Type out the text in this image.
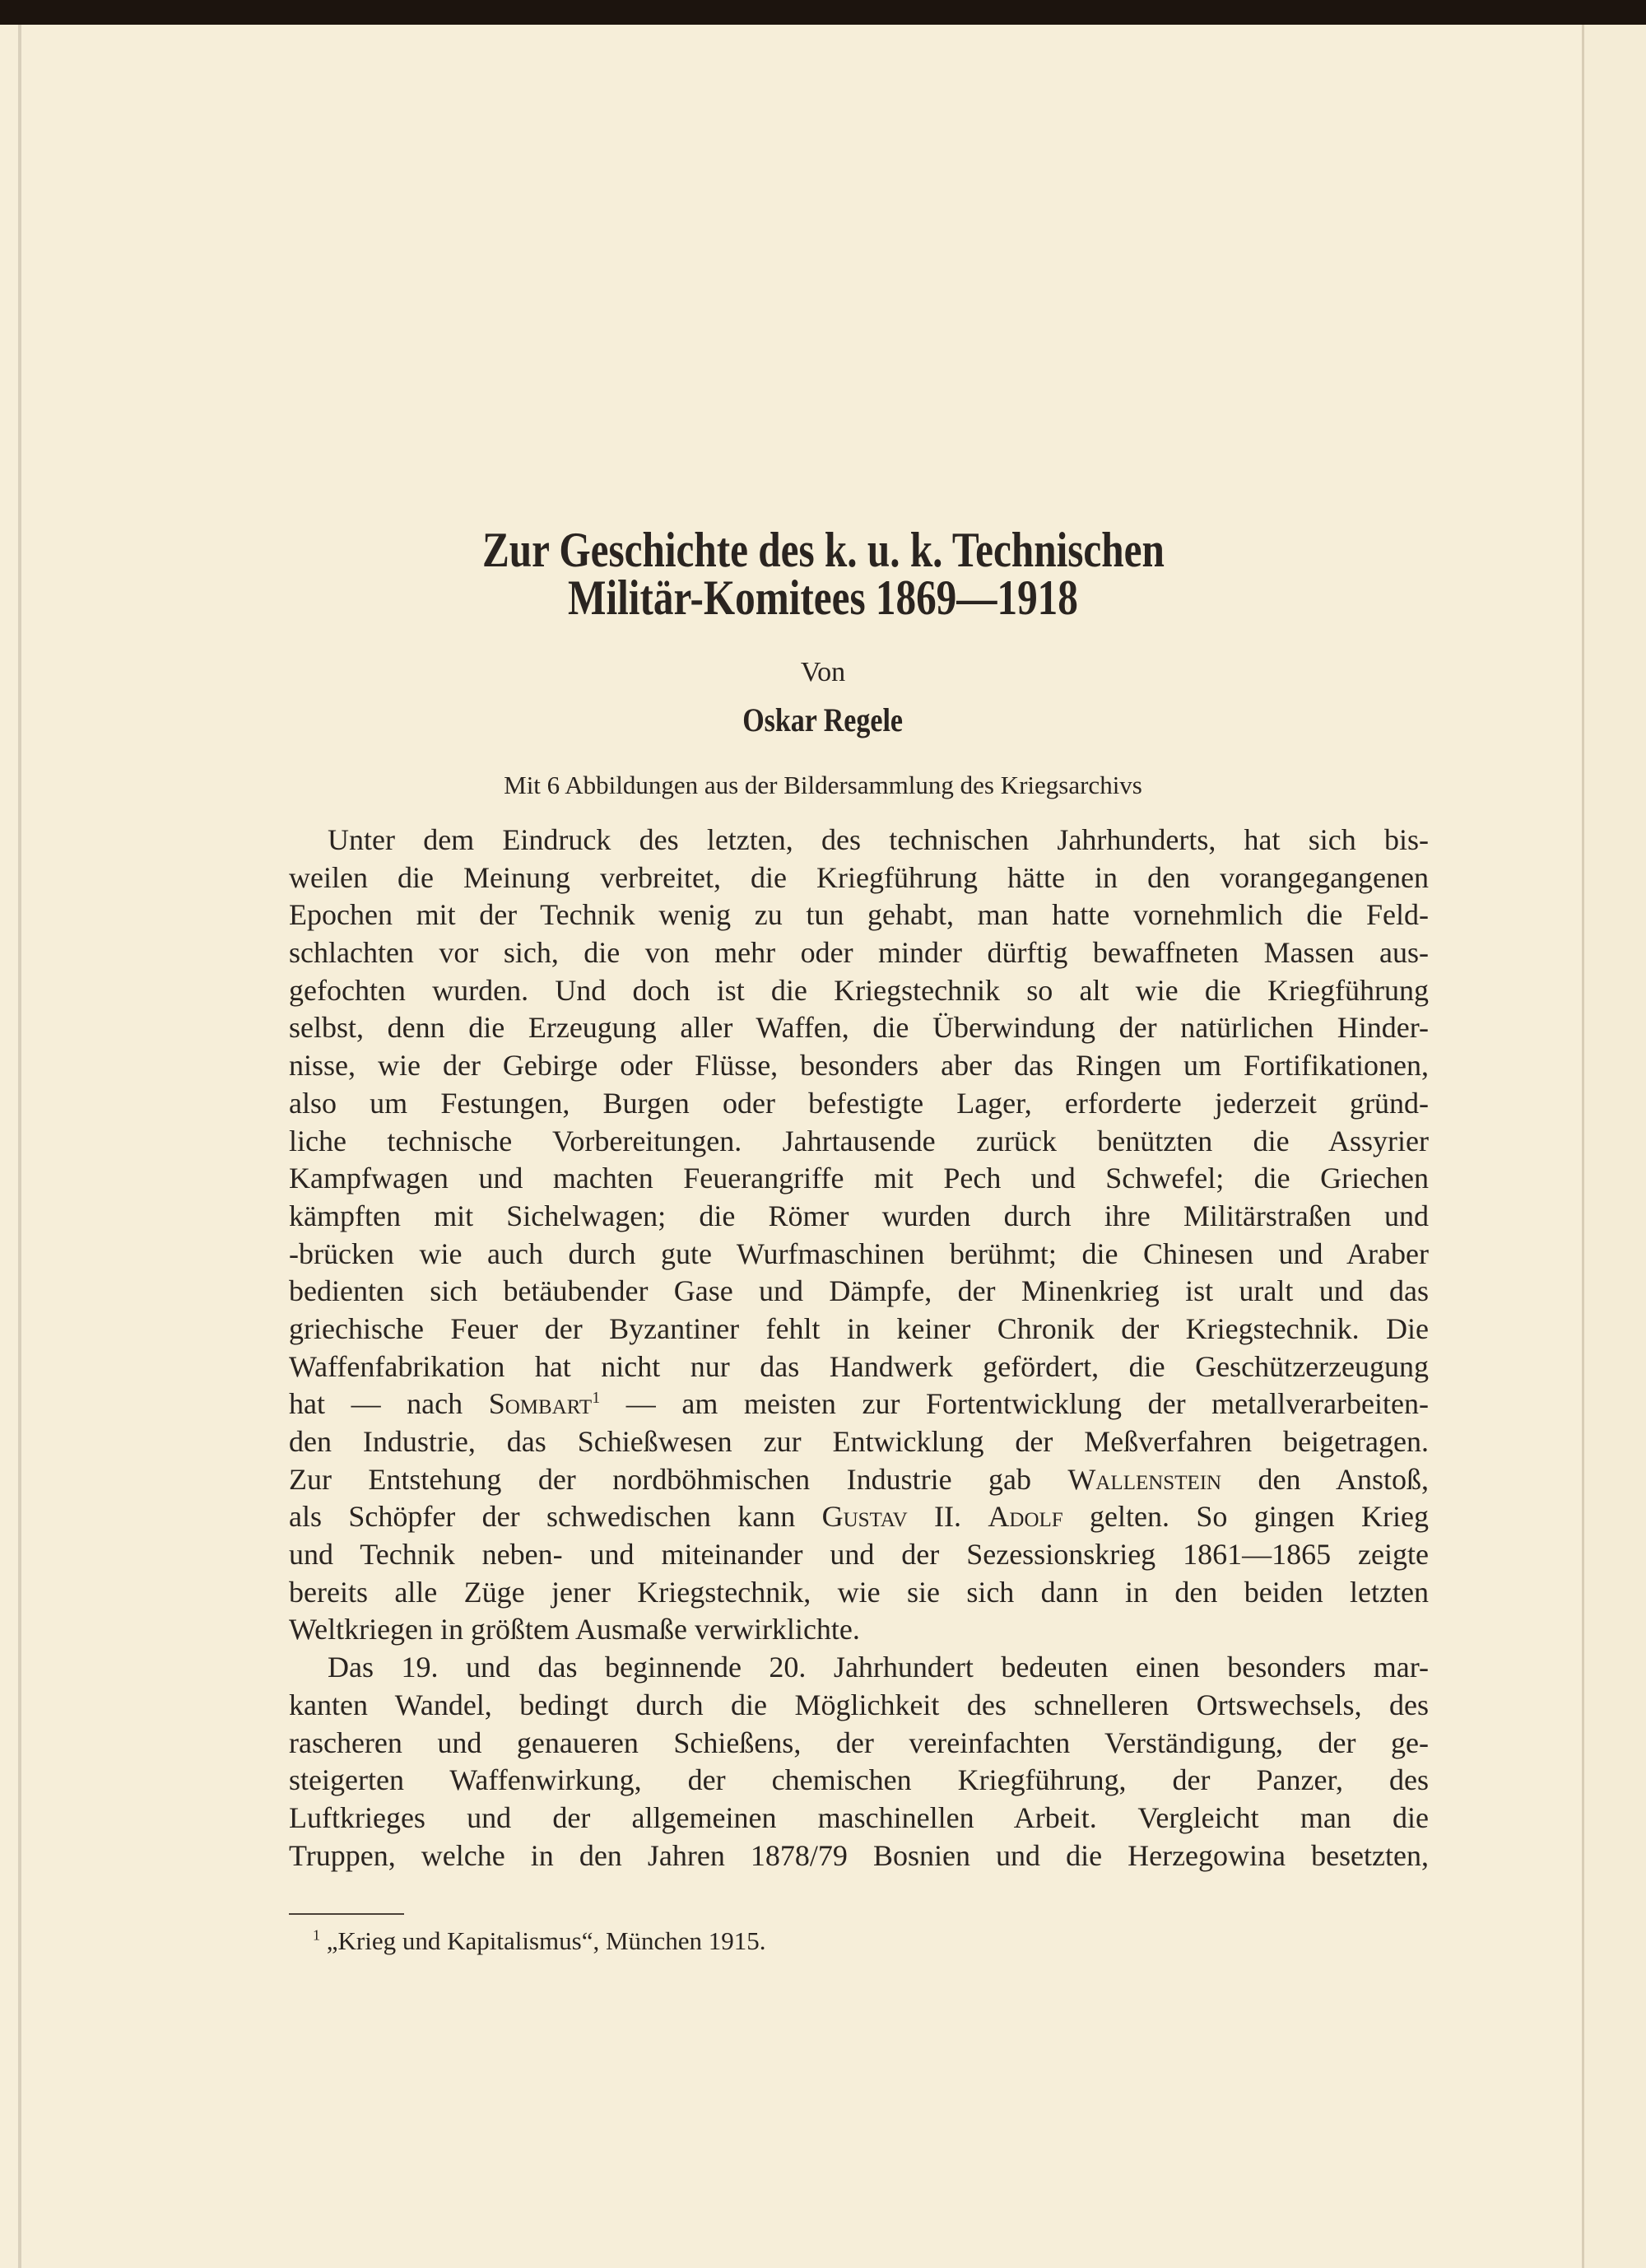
Zur Geschichte des k. u. k. Technischen
Militär-Komitees 1869—1918
Von
Oskar Regele
Mit 6 Abbildungen aus der Bildersammlung des Kriegsarchivs
Unter dem Eindruck des letzten, des technischen Jahrhunderts, hat sich bis-
weilen die Meinung verbreitet, die Kriegführung hätte in den vorangegangenen
Epochen mit der Technik wenig zu tun gehabt, man hatte vornehmlich die Feld-
schlachten vor sich, die von mehr oder minder dürftig bewaffneten Massen aus-
gefochten wurden. Und doch ist die Kriegstechnik so alt wie die Kriegführung
selbst, denn die Erzeugung aller Waffen, die Überwindung der natürlichen Hinder-
nisse, wie der Gebirge oder Flüsse, besonders aber das Ringen um Fortifikationen,
also um Festungen, Burgen oder befestigte Lager, erforderte jederzeit gründ-
liche technische Vorbereitungen. Jahrtausende zurück benützten die Assyrier
Kampfwagen und machten Feuerangriffe mit Pech und Schwefel; die Griechen
kämpften mit Sichelwagen; die Römer wurden durch ihre Militärstraßen und
-brücken wie auch durch gute Wurfmaschinen berühmt; die Chinesen und Araber
bedienten sich betäubender Gase und Dämpfe, der Minenkrieg ist uralt und das
griechische Feuer der Byzantiner fehlt in keiner Chronik der Kriegstechnik. Die
Waffenfabrikation hat nicht nur das Handwerk gefördert, die Geschützerzeugung
hat — nach Sombart$^1$ — am meisten zur Fortentwicklung der metallverarbeiten-
den Industrie, das Schießwesen zur Entwicklung der Meßverfahren beigetragen.
Zur Entstehung der nordböhmischen Industrie gab Wallenstein den Anstoß,
als Schöpfer der schwedischen kann Gustav II. Adolf gelten. So gingen Krieg
und Technik neben- und miteinander und der Sezessionskrieg 1861—1865 zeigte
bereits alle Züge jener Kriegstechnik, wie sie sich dann in den beiden letzten
Weltkriegen in größtem Ausmaße verwirklichte.
Das 19. und das beginnende 20. Jahrhundert bedeuten einen besonders mar-
kanten Wandel, bedingt durch die Möglichkeit des schnelleren Ortswechsels, des
rascheren und genaueren Schießens, der vereinfachten Verständigung, der ge-
steigerten Waffenwirkung, der chemischen Kriegführung, der Panzer, des
Luftkrieges und der allgemeinen maschinellen Arbeit. Vergleicht man die
Truppen, welche in den Jahren 1878/79 Bosnien und die Herzegowina besetzten,
$^1$ „Krieg und Kapitalismus“, München 1915.
